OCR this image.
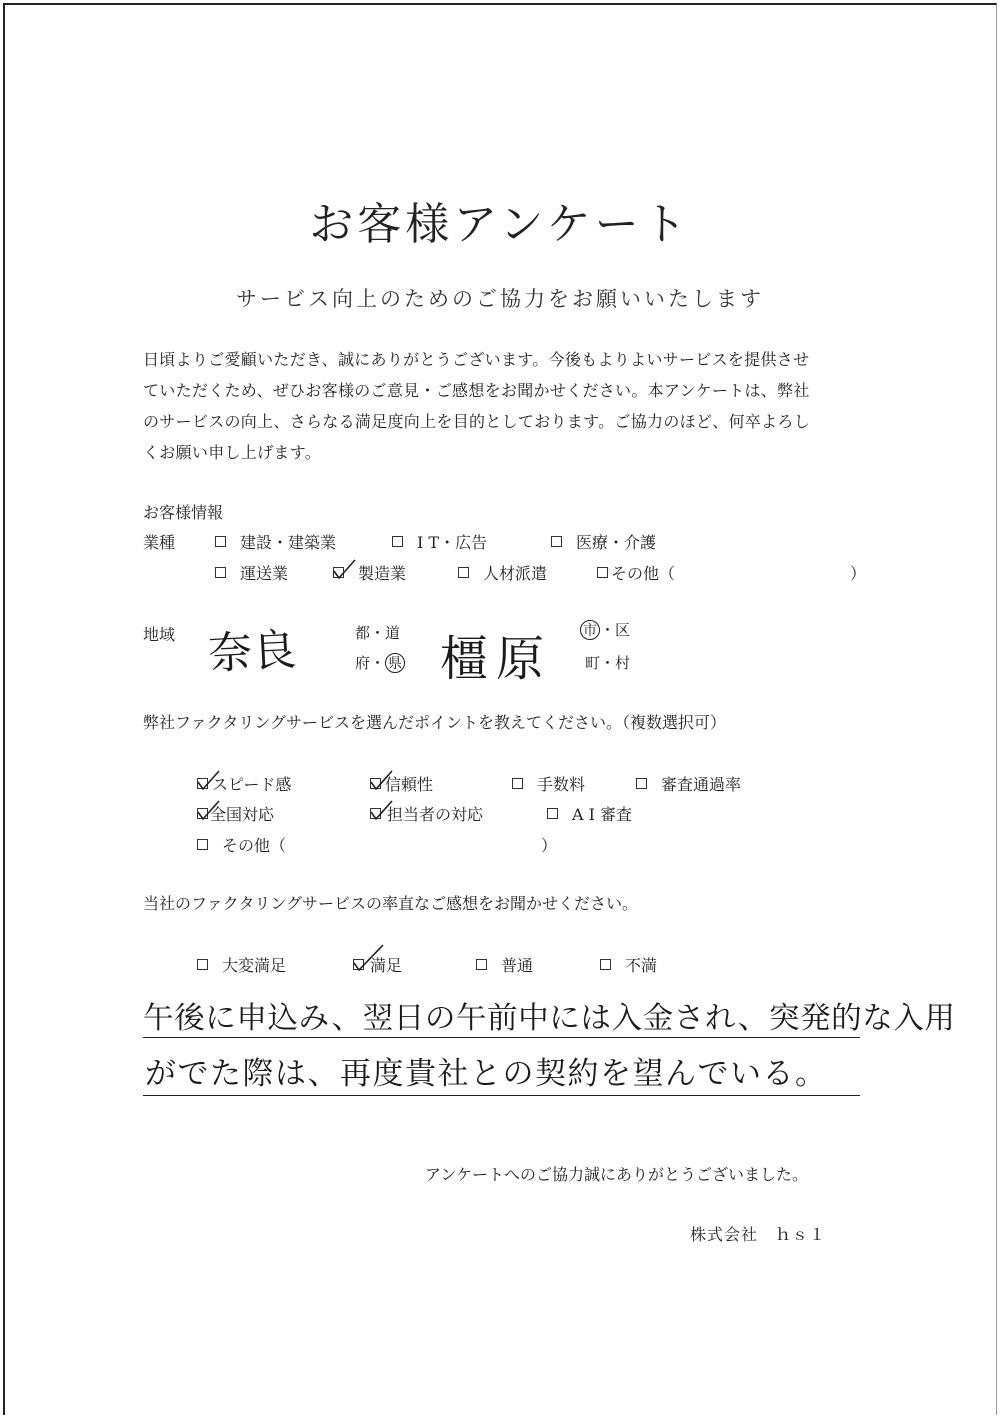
お客様アンケート
サービス向上のためのご協力をお願いいたします
日頃よりご愛顧いただき、誠にありがとうございます。今後もよりよいサービスを提供させ
ていただくため、ぜひお客様のご意見・ご感想をお聞かせください。本アンケートは、弊社
のサービスの向上、さらなる満足度向上を目的としております。ご協力のほど、何卒よろし
くお願い申し上げます。
お客様情報
業種	建設・建築業	I T・広告	医療・介護
運送業	製造業	人材派遣	その他（	）
地域 奈良	都・道
府・ 県 橿原
市 ・区
町・村
弊社ファクタリングサービスを選んだポイントを教えてください。（複数選択可）
スピード感	信頼性	手数料	審査通過率
全国対応	担当者の対応	A I 審査
その他（	）
当社のファクタリングサービスの率直なご感想をお聞かせください。
大変満足	満足	普通	不満
午後に申込み、翌日の午前中には入金され、突発的な入用
がでた際は、再度貴社との契約を望んでいる。
アンケートへのご協力誠にありがとうございました。
株式会社　ｈｓ１
